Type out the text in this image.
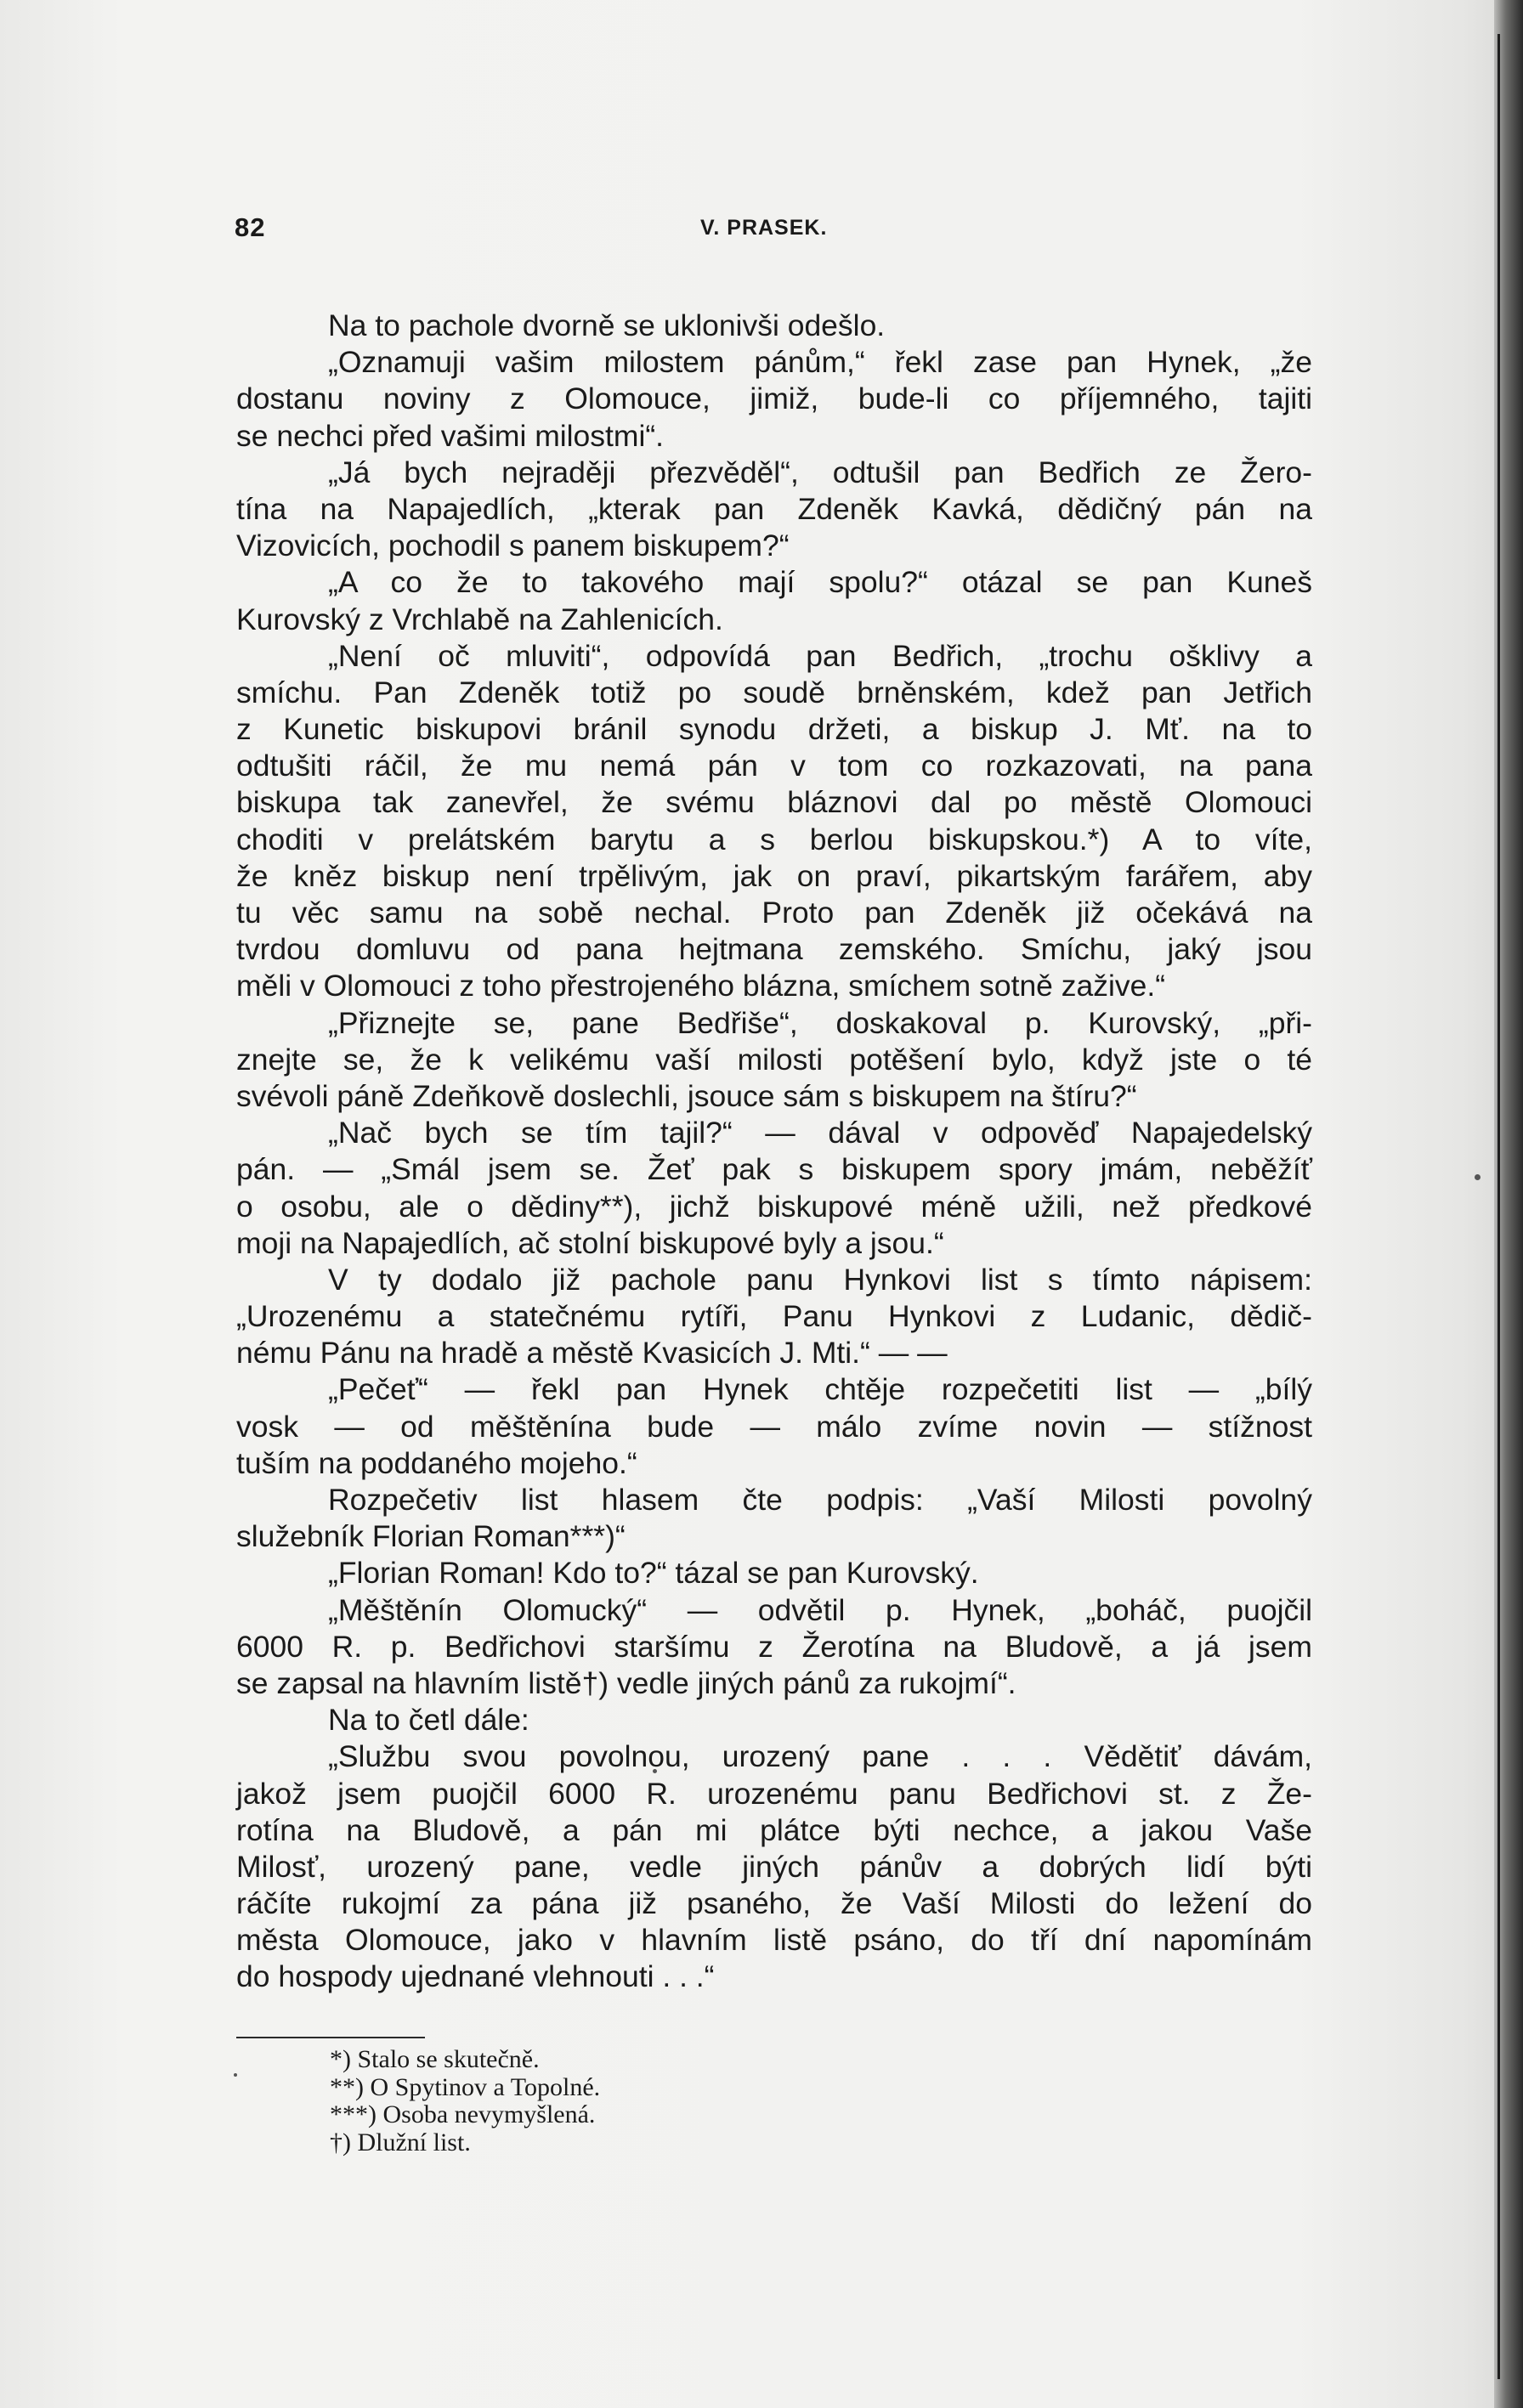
82	V. PRASEK.
Na to pachole dvorně se uklonivši odešlo.
„Oznamuji vašim milostem pánům,“ řekl zase pan Hynek, „že
dostanu noviny z Olomouce, jimiž, bude-li co příjemného, tajiti
se nechci před vašimi milostmi“.
„Já bych nejraději přezvěděl“, odtušil pan Bedřich ze Žero-
tína na Napajedlích, „kterak pan Zdeněk Kavká, dědičný pán na
Vizovicích, pochodil s panem biskupem?“
„A co že to takového mají spolu?“ otázal se pan Kuneš
Kurovský z Vrchlabě na Zahlenicích.
„Není oč mluviti“, odpovídá pan Bedřich, „trochu ošklivy a
smíchu. Pan Zdeněk totiž po soudě brněnském, kdež pan Jetřich
z Kunetic biskupovi bránil synodu držeti, a biskup J. Mť. na to
odtušiti ráčil, že mu nemá pán v tom co rozkazovati, na pana
biskupa tak zanevřel, že svému bláznovi dal po městě Olomouci
choditi v prelátském barytu a s berlou biskupskou.*) A to víte,
že kněz biskup není trpělivým, jak on praví, pikartským farářem, aby
tu věc samu na sobě nechal. Proto pan Zdeněk již očekává na
tvrdou domluvu od pana hejtmana zemského. Smíchu, jaký jsou
měli v Olomouci z toho přestrojeného blázna, smíchem sotně zažive.“
„Přiznejte se, pane Bedřiše“, doskakoval p. Kurovský, „při-
znejte se, že k velikému vaší milosti potěšení bylo, když jste o té
svévoli páně Zdeňkově doslechli, jsouce sám s biskupem na štíru?“
„Nač bych se tím tajil?“ — dával v odpověď Napajedelský
pán. — „Smál jsem se. Žeť pak s biskupem spory jmám, neběžíť
o osobu, ale o dědiny**), jichž biskupové méně užili, než předkové
moji na Napajedlích, ač stolní biskupové byly a jsou.“
V ty dodalo již pachole panu Hynkovi list s tímto nápisem:
„Urozenému a statečnému rytíři, Panu Hynkovi z Ludanic, dědič-
nému Pánu na hradě a městě Kvasicích J. Mti.“ — —
„Pečeť“ — řekl pan Hynek chtěje rozpečetiti list — „bílý
vosk — od měštěnína bude — málo zvíme novin — stížnost
tuším na poddaného mojeho.“
Rozpečetiv list hlasem čte podpis: „Vaší Milosti povolný
služebník Florian Roman***)“
„Florian Roman! Kdo to?“ tázal se pan Kurovský.
„Měštěnín Olomucký“ — odvětil p. Hynek, „boháč, puojčil
6000 R. p. Bedřichovi staršímu z Žerotína na Bludově, a já jsem
se zapsal na hlavním listě†) vedle jiných pánů za rukojmí“.
Na to četl dále:
„Službu svou povolnou, urozený pane . . . Vědětiť dávám,
jakož jsem puojčil 6000 R. urozenému panu Bedřichovi st. z Že-
rotína na Bludově, a pán mi plátce býti nechce, a jakou Vaše
Milosť, urozený pane, vedle jiných pánův a dobrých lidí býti
ráčíte rukojmí za pána již psaného, že Vaší Milosti do ležení do
města Olomouce, jako v hlavním listě psáno, do tří dní napomínám
do hospody ujednané vlehnouti . . .“
*) Stalo se skutečně.
**) O Spytinov a Topolné.
***) Osoba nevymyšlená.
†) Dlužní list.
